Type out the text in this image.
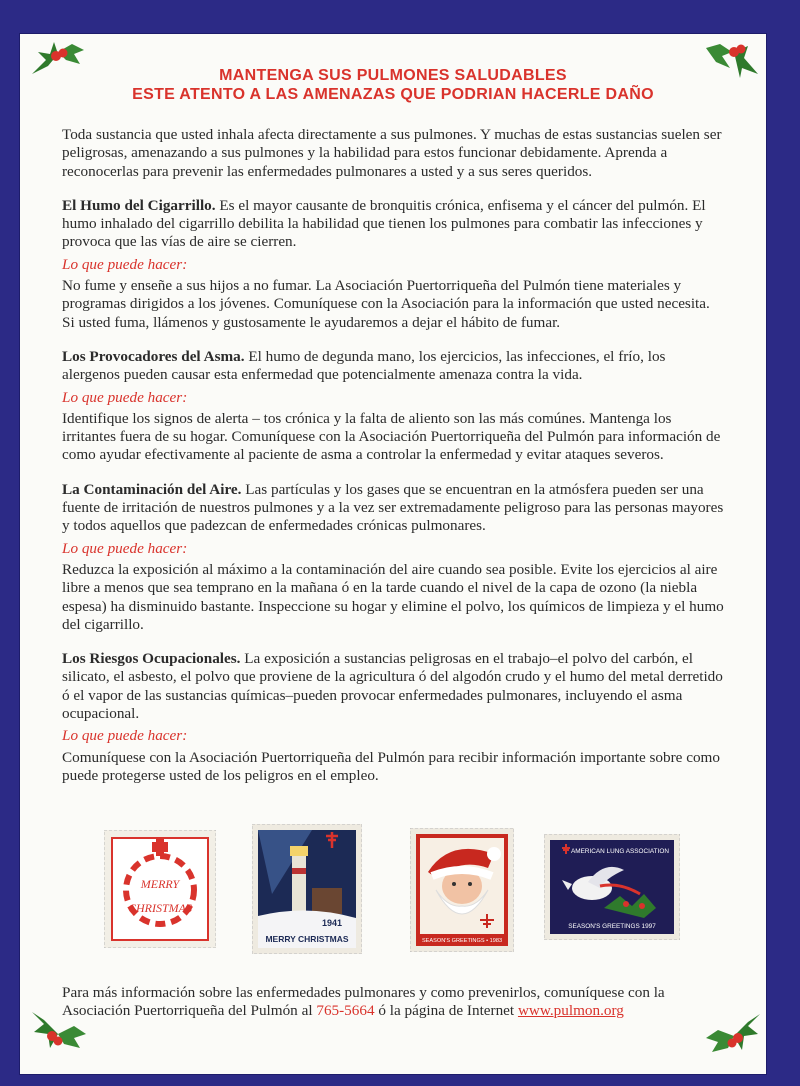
MANTENGA SUS PULMONES SALUDABLES
ESTE ATENTO A LAS AMENAZAS QUE PODRIAN HACERLE DAÑO

Toda sustancia que usted inhala afecta directamente a sus pulmones. Y muchas de estas sustancias suelen ser peligrosas, amenazando a sus pulmones y la habilidad para estos funcionar debidamente. Aprenda a reconocerlas para prevenir las enfermedades pulmonares a usted y a sus seres queridos.

El Humo del Cigarrillo. Es el mayor causante de bronquitis crónica, enfisema y el cáncer del pulmón. El humo inhalado del cigarrillo debilita la habilidad que tienen los pulmones para combatir las infecciones y provoca que las vías de aire se cierren.

Lo que puede hacer:

No fume y enseñe a sus hijos a no fumar. La Asociación Puertorriqueña del Pulmón tiene materiales y programas dirigidos a los jóvenes. Comuníquese con la Asociación para la información que usted necesita. Si usted fuma, llámenos y gustosamente le ayudaremos a dejar el hábito de fumar.

Los Provocadores del Asma. El humo de degunda mano, los ejercicios, las infecciones, el frío, los alergenos pueden causar esta enfermedad que potencialmente amenaza contra la vida.

Lo que puede hacer:

Identifique los signos de alerta – tos crónica y la falta de aliento son las más comúnes. Mantenga los irritantes fuera de su hogar. Comuníquese con la Asociación Puertorriqueña del Pulmón para información de como ayudar efectivamente al paciente de asma a controlar la enfermedad y evitar ataques severos.

La Contaminación del Aire. Las partículas y los gases que se encuentran en la atmósfera pueden ser una fuente de irritación de nuestros pulmones y a la vez ser extremadamente peligroso para las personas mayores y todos aquellos que padezcan de enfermedades crónicas pulmonares.

Lo que puede hacer:

Reduzca la exposición al máximo a la contaminación del aire cuando sea posible. Evite los ejercicios al aire libre a menos que sea temprano en la mañana ó en la tarde cuando el nivel de la capa de ozono (la niebla espesa) ha disminuido bastante. Inspeccione su hogar y elimine el polvo, los químicos de limpieza y el humo del cigarrillo.

Los Riesgos Ocupacionales. La exposición a sustancias peligrosas en el trabajo–el polvo del carbón, el silicato, el asbesto, el polvo que proviene de la agricultura ó del algodón crudo y el humo del metal derretido ó el vapor de las sustancias químicas–pueden provocar enfermedades pulmonares, incluyendo el asma ocupacional.

Lo que puede hacer:

Comuníquese con la Asociación Puertorriqueña del Pulmón para recibir información importante sobre como puede protegerse usted de los peligros en el empleo.

MERRY
CHRISTMAS
1941
MERRY CHRISTMAS	SEASON'S GREETINGS • 1983
AMERICAN LUNG ASSOCIATION
SEASON'S GREETINGS 1997
Para más información sobre las enfermedades pulmonares y como prevenirlos, comuníquese con la Asociación Puertorriqueña del Pulmón al 765-5664 ó la página de Internet www.pulmon.org
